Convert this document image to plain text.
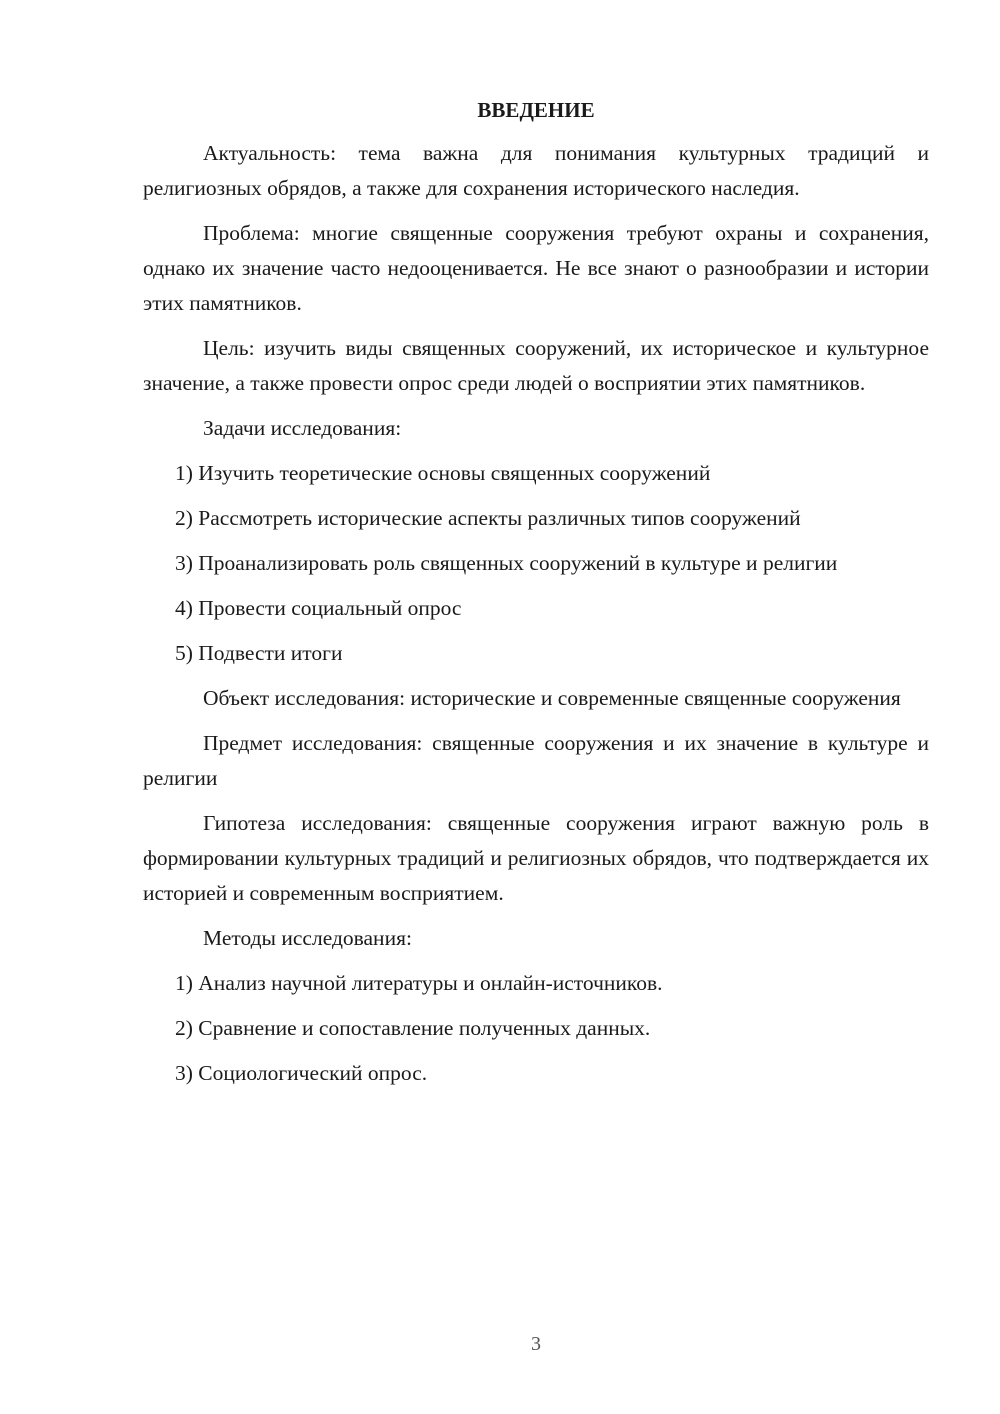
ВВЕДЕНИЕ

Актуальность: тема важна для понимания культурных традиций и религиозных обрядов, а также для сохранения исторического наследия.

Проблема: многие священные сооружения требуют охраны и сохранения, однако их значение часто недооценивается. Не все знают о разнообразии и истории этих памятников.

Цель: изучить виды священных сооружений, их историческое и культурное значение, а также провести опрос среди людей о восприятии этих памятников.

Задачи исследования:

1) Изучить теоретические основы священных сооружений

2) Рассмотреть исторические аспекты различных типов сооружений

3) Проанализировать роль священных сооружений в культуре и религии

4) Провести социальный опрос

5) Подвести итоги

Объект исследования: исторические и современные священные сооружения

Предмет исследования: священные сооружения и их значение в культуре и религии

Гипотеза исследования: священные сооружения играют важную роль в формировании культурных традиций и религиозных обрядов, что подтверждается их историей и современным восприятием.

Методы исследования:

1) Анализ научной литературы и онлайн-источников.

2) Сравнение и сопоставление полученных данных.

3) Социологический опрос.

3
